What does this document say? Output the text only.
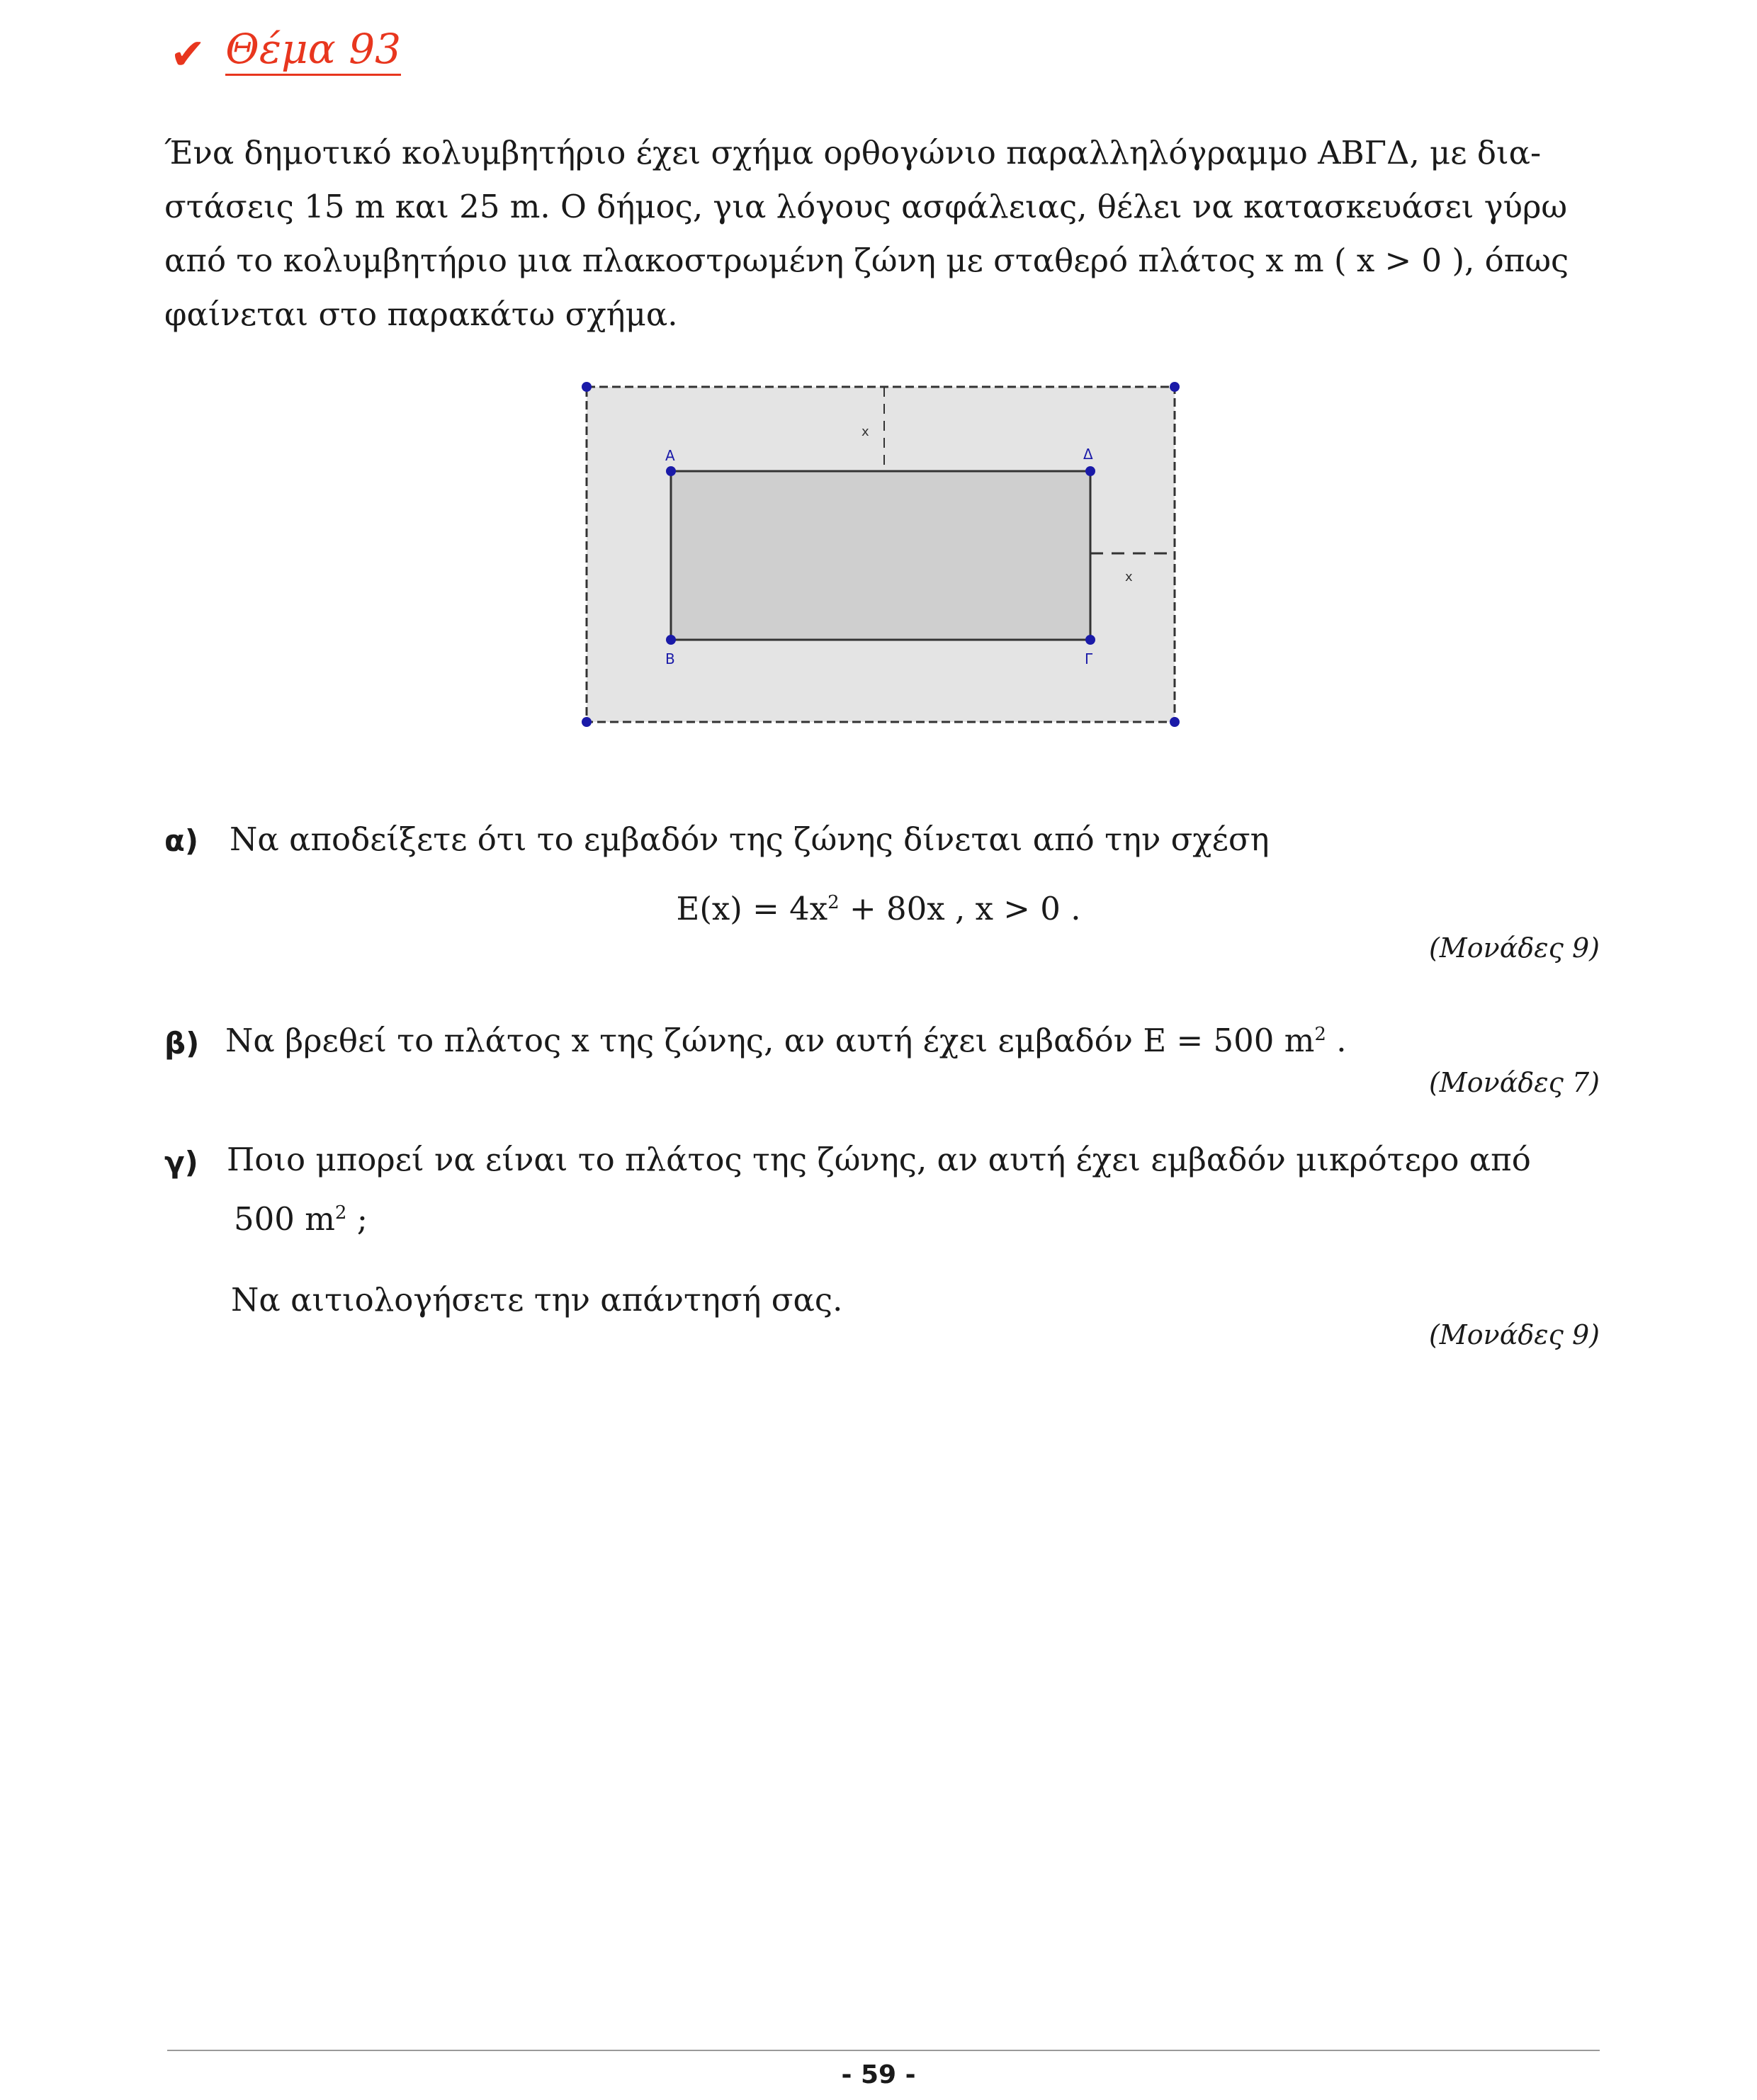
✔ Θέμα 93

Ένα δημοτικό κολυμβητήριο έχει σχήμα ορθογώνιο παραλληλόγραμμο ΑΒΓΔ, με δια-

στάσεις 15 m και 25 m. Ο δήμος, για λόγους ασφάλειας, θέλει να κατασκευάσει γύρω

από το κολυμβητήριο μια πλακοστρωμένη ζώνη με σταθερό πλάτος x m ( x > 0 ), όπως

φαίνεται στο παρακάτω σχήμα.

x
x
Α	Δ
Β	Γ
α) Να αποδείξετε ότι το εμβαδόν της ζώνης δίνεται από την σχέση
$E(x) = 4x^2 + 80x$ , x > 0 .
(Μονάδες 9)
β) Να βρεθεί το πλάτος x της ζώνης, αν αυτή έχει εμβαδόν E = 500 $m^2$ .
(Μονάδες 7)
γ) Ποιο μπορεί να είναι το πλάτος της ζώνης, αν αυτή έχει εμβαδόν μικρότερο από
500 $m^2$ ;
Να αιτιολογήσετε την απάντησή σας.
(Μονάδες 9)
- 59 -
